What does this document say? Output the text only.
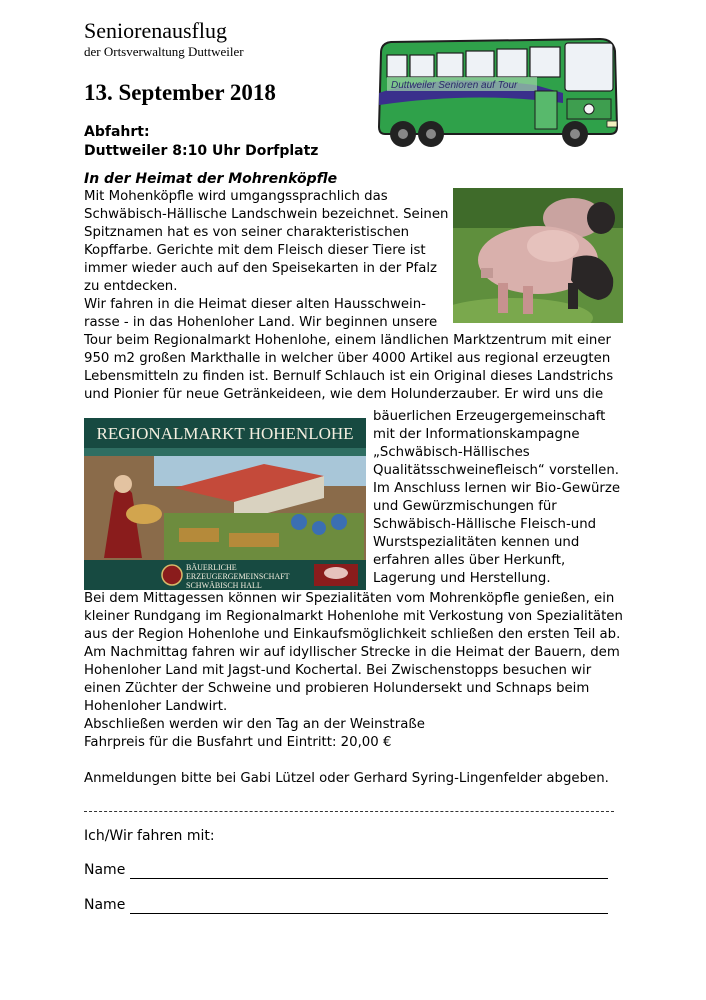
Seniorenausflug
der Ortsverwaltung Duttweiler
13. September 2018
Abfahrt:
Duttweiler 8:10 Uhr Dorfplatz
Duttweiler Senioren auf Tour
In der Heimat der Mohrenköpfle
Mit Mohenköpfle wird umgangssprachlich das
Schwäbisch-Hällische Landschwein bezeichnet. Seinen
Spitznamen hat es von seiner charakteristischen
Kopffarbe. Gerichte mit dem Fleisch dieser Tiere ist
immer wieder auch auf den Speisekarten in der Pfalz
zu entdecken.
Wir fahren in die Heimat dieser alten Hausschwein-
rasse - in das Hohenloher Land. Wir beginnen unsere
Tour beim Regionalmarkt Hohenlohe, einem ländlichen Marktzentrum mit einer
950 m2 großen Markthalle in welcher über 4000 Artikel aus regional erzeugten
Lebensmitteln zu finden ist. Bernulf Schlauch ist ein Original dieses Landstrichs
und Pionier für neue Getränkeideen, wie dem Holunderzauber. Er wird uns die
REGIONALMARKT HOHENLOHE
BÄUERLICHE
ERZEUGERGEMEINSCHAFT
SCHWÄBISCH HALL
bäuerlichen Erzeugergemeinschaft
mit der Informationskampagne
„Schwäbisch-Hällisches
Qualitätsschweinefleisch“ vorstellen.
Im Anschluss lernen wir Bio-Gewürze
und Gewürzmischungen für
Schwäbisch-Hällische Fleisch-und
Wurstspezialitäten kennen und
erfahren alles über Herkunft,
Lagerung und Herstellung.
Bei dem Mittagessen können wir Spezialitäten vom Mohrenköpfle genießen, ein
kleiner Rundgang im Regionalmarkt Hohenlohe mit Verkostung von Spezialitäten
aus der Region Hohenlohe und Einkaufsmöglichkeit schließen den ersten Teil ab.
Am Nachmittag fahren wir auf idyllischer Strecke in die Heimat der Bauern, dem
Hohenloher Land mit Jagst-und Kochertal. Bei Zwischenstopps besuchen wir
einen Züchter der Schweine und probieren Holundersekt und Schnaps beim
Hohenloher Landwirt.
Abschließen werden wir den Tag an der Weinstraße
Fahrpreis für die Busfahrt und Eintritt: 20,00 €
Anmeldungen bitte bei Gabi Lützel oder Gerhard Syring-Lingenfelder abgeben.
Ich/Wir fahren mit:
Name
Name
